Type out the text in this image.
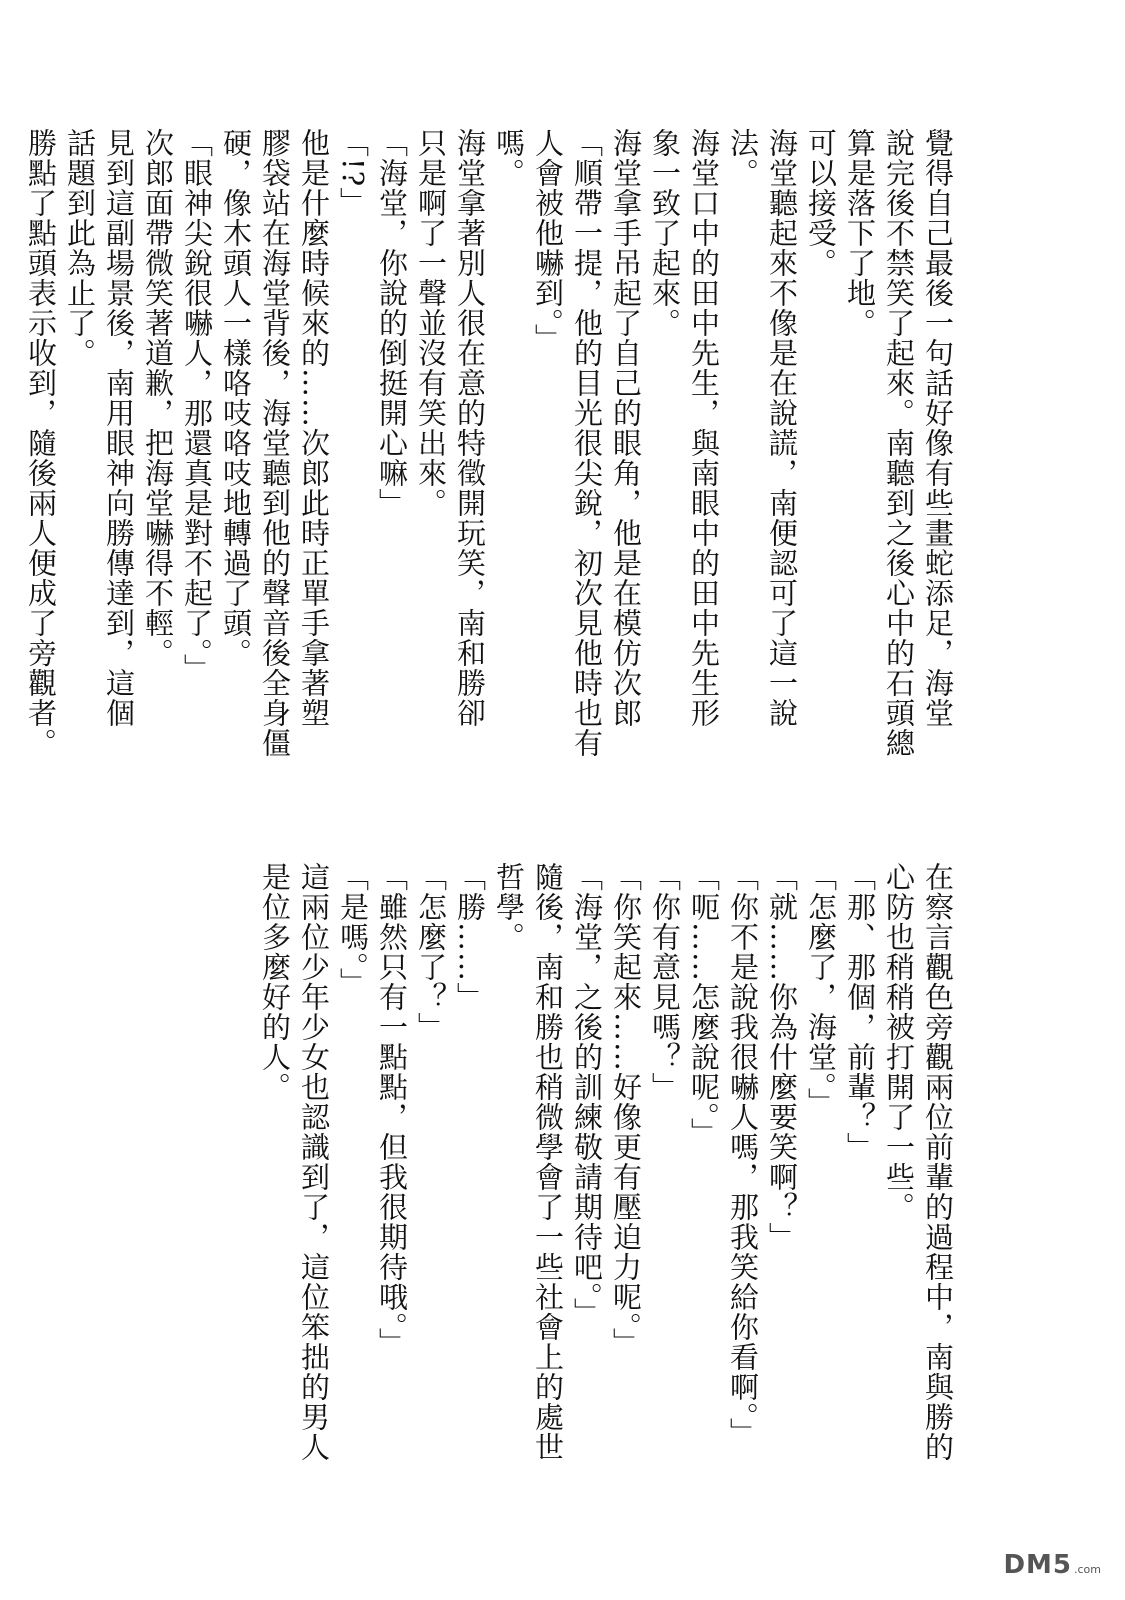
覺得自己最後一句話好像有些畫蛇添足，海堂
說完後不禁笑了起來。南聽到之後心中的石頭總
算是落下了地。
可以接受。
海堂聽起來不像是在說謊，南便認可了這一說
法。
海堂口中的田中先生，與南眼中的田中先生形
象一致了起來。
海堂拿手吊起了自己的眼角，他是在模仿次郎
「順帶一提，他的目光很尖銳，初次見他時也有
人會被他嚇到。」
嗎。
海堂拿著別人很在意的特徵開玩笑，南和勝卻
只是啊了一聲並沒有笑出來。
「海堂，你說的倒挺開心嘛」
「!?」
他是什麼時候來的……次郎此時正單手拿著塑
膠袋站在海堂背後，海堂聽到他的聲音後全身僵
硬，像木頭人一樣咯吱咯吱地轉過了頭。
「眼神尖銳很嚇人，那還真是對不起了。」
次郎面帶微笑著道歉，把海堂嚇得不輕。
見到這副場景後，南用眼神向勝傳達到，這個
話題到此為止了。
勝點了點頭表示收到，隨後兩人便成了旁觀者。
在察言觀色旁觀兩位前輩的過程中，南與勝的
心防也稍稍被打開了一些。
「那、那個，前輩？」
「怎麼了，海堂。」
「就……你為什麼要笑啊？」
「你不是說我很嚇人嗎，那我笑給你看啊。」
「呃……怎麼說呢。」
「你有意見嗎？」
「你笑起來……好像更有壓迫力呢。」
「海堂，之後的訓練敬請期待吧。」
隨後，南和勝也稍微學會了一些社會上的處世
哲學。
「勝……」
「怎麼了？」
「雖然只有一點點，但我很期待哦。」
「是嗎。」
這兩位少年少女也認識到了，這位笨拙的男人
是位多麼好的人。
DM5 .com
